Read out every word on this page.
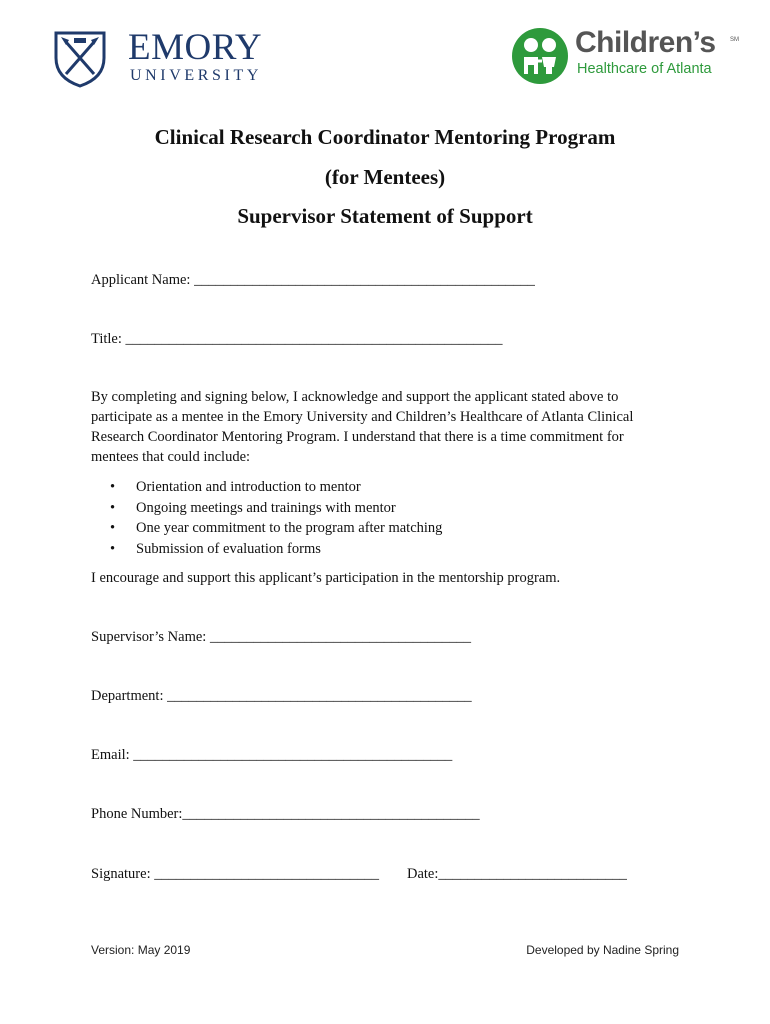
EMORY
UNIVERSITY
Children’s SM
Healthcare of Atlanta
Clinical Research Coordinator Mentoring Program
(for Mentees)
Supervisor Statement of Support
Applicant Name: _______________________________________________
Title: ____________________________________________________
By completing and signing below, I acknowledge and support the applicant stated above to participate as a mentee in the Emory University and Children’s Healthcare of Atlanta Clinical Research Coordinator Mentoring Program. I understand that there is a time commitment for mentees that could include:
• Orientation and introduction to mentor
• Ongoing meetings and trainings with mentor
• One year commitment to the program after matching
• Submission of evaluation forms
I encourage and support this applicant’s participation in the mentorship program.
Supervisor’s Name: ____________________________________
Department: __________________________________________
Email: ____________________________________________
Phone Number:_________________________________________
Signature: _______________________________ Date:__________________________
Version: May 2019	Developed by Nadine Spring
